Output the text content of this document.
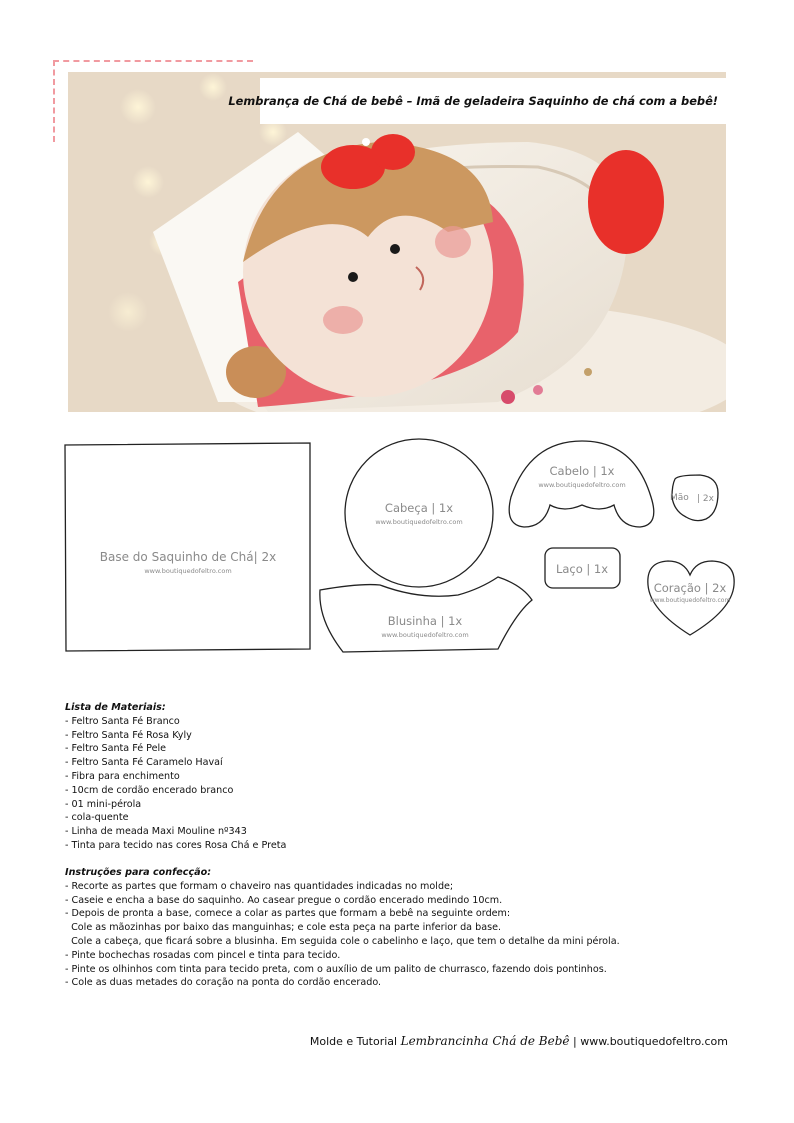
Lembrança de Chá de bebê – Imã de geladeira Saquinho de chá com a bebê!
Base do Saquinho de Chá| 2x
www.boutiquedofeltro.com
Cabeça | 1x
www.boutiquedofeltro.com
Cabelo | 1x
www.boutiquedofeltro.com
Mão | 2x
Laço | 1x
Coração | 2x
www.boutiquedofeltro.com
Blusinha | 1x
www.boutiquedofeltro.com
Lista de Materiais:
- Feltro Santa Fé Branco
- Feltro Santa Fé Rosa Kyly
- Feltro Santa Fé Pele
- Feltro Santa Fé Caramelo Havaí
- Fibra para enchimento
- 10cm de cordão encerado branco
- 01 mini-pérola
- cola-quente
- Linha de meada Maxi Mouline nº343
- Tinta para tecido nas cores Rosa Chá e Preta
Instruções para confecção:
- Recorte as partes que formam o chaveiro nas quantidades indicadas no molde;
- Caseie e encha a base do saquinho. Ao casear pregue o cordão encerado medindo 10cm.
- Depois de pronta a base, comece a colar as partes que formam a bebê na seguinte ordem:
Cole as mãozinhas por baixo das manguinhas; e cole esta peça na parte inferior da base.
Cole a cabeça, que ficará sobre a blusinha. Em seguida cole o cabelinho e laço, que tem o detalhe da mini pérola.
- Pinte bochechas rosadas com pincel e tinta para tecido.
- Pinte os olhinhos com tinta para tecido preta, com o auxílio de um palito de churrasco, fazendo dois pontinhos.
- Cole as duas metades do coração na ponta do cordão encerado.
Molde e Tutorial Lembrancinha Chá de Bebê | www.boutiquedofeltro.com
